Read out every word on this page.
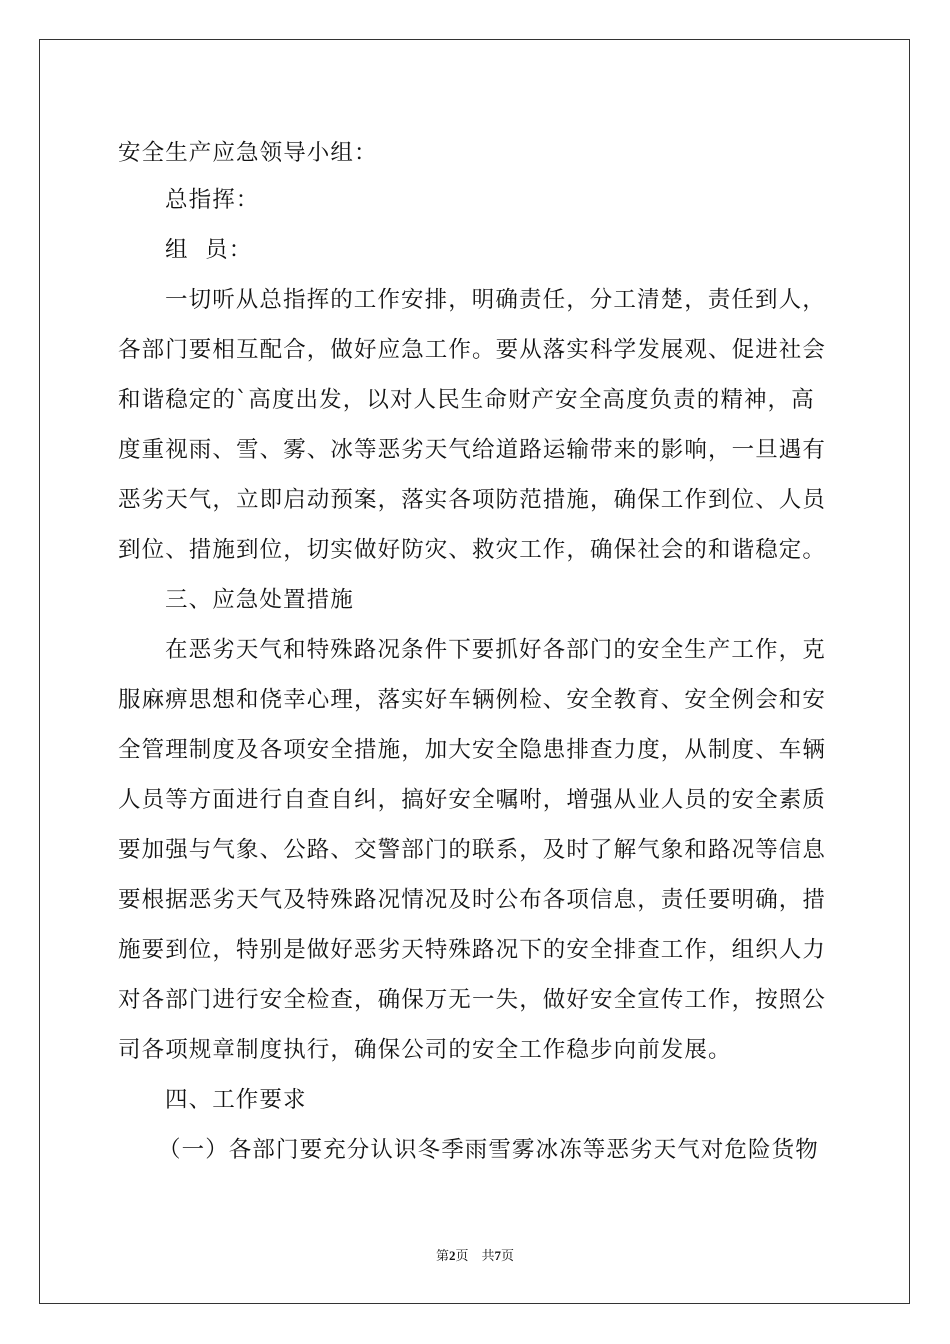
安全生产应急领导小组：
总指挥：
组  员：
一切听从总指挥的工作安排，明确责任，分工清楚，责任到人，
各部门要相互配合，做好应急工作。要从落实科学发展观、促进社会
和谐稳定的`高度出发，以对人民生命财产安全高度负责的精神，高
度重视雨、雪、雾、冰等恶劣天气给道路运输带来的影响，一旦遇有
恶劣天气，立即启动预案，落实各项防范措施，确保工作到位、人员
到位、措施到位，切实做好防灾、救灾工作，确保社会的和谐稳定。
三、应急处置措施
在恶劣天气和特殊路况条件下要抓好各部门的安全生产工作，克
服麻痹思想和侥幸心理，落实好车辆例检、安全教育、安全例会和安
全管理制度及各项安全措施，加大安全隐患排查力度，从制度、车辆
人员等方面进行自查自纠，搞好安全嘱咐，增强从业人员的安全素质
要加强与气象、公路、交警部门的联系，及时了解气象和路况等信息
要根据恶劣天气及特殊路况情况及时公布各项信息，责任要明确，措
施要到位，特别是做好恶劣天特殊路况下的安全排查工作，组织人力
对各部门进行安全检查，确保万无一失，做好安全宣传工作，按照公
司各项规章制度执行，确保公司的安全工作稳步向前发展。
四、工作要求
（一）各部门要充分认识冬季雨雪雾冰冻等恶劣天气对危险货物
第2页    共7页
